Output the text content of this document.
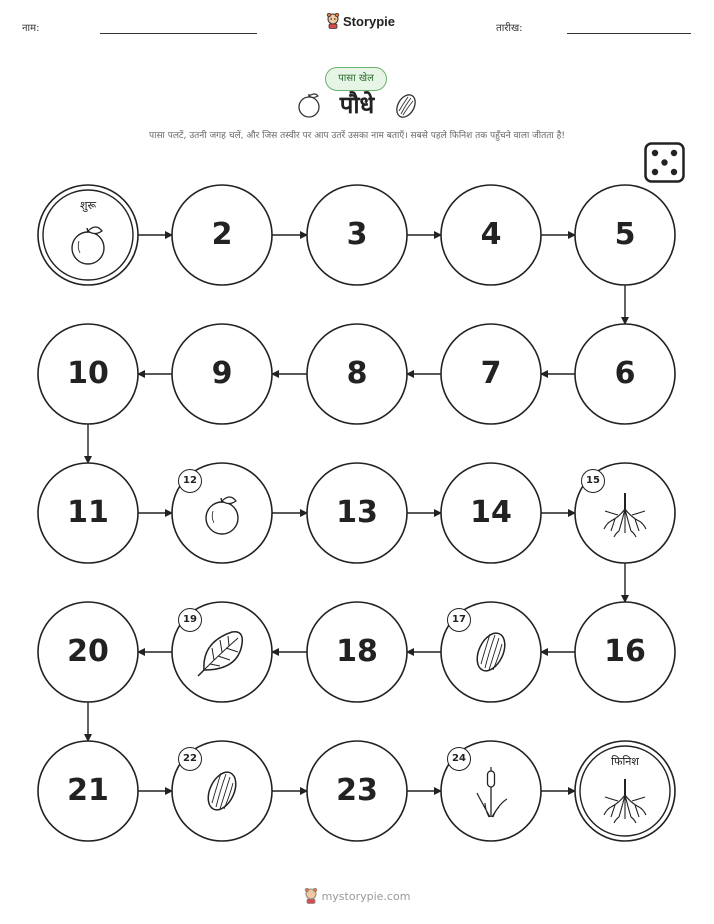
नाम:	Storypie	तारीख:
पासा खेल
पौधे
पासा पलटें, उतनी जगह चलें, और जिस तस्वीर पर आप उतरें उसका नाम बताएँ। सबसे पहले फिनिश तक पहुँचने वाला जीतता है!
शुरू
2	3	4	5
6
7
8
9
10
11
12
13	14
15
16
17
18
19
20
21
22
23
24	फिनिश
mystorypie.com
